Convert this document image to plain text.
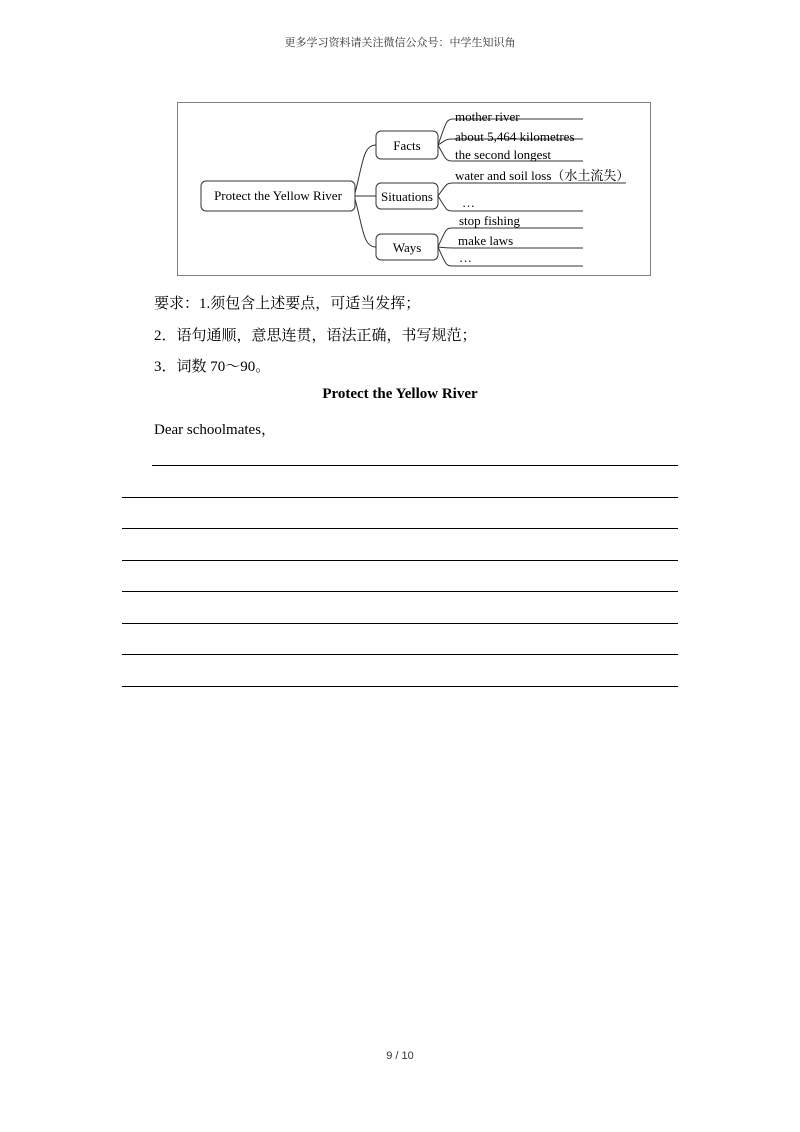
更多学习资料请关注微信公众号：中学生知识角
Protect the Yellow River
Facts
mother river
about 5,464 kilometres
the second longest
Situations
water and soil loss（水土流失）
…
Ways
stop fishing
make laws
…
要求：1.须包含上述要点，可适当发挥；
2．语句通顺，意思连贯，语法正确，书写规范；
3．词数 70～90。
Protect the Yellow River
Dear schoolmates，
9 / 10
